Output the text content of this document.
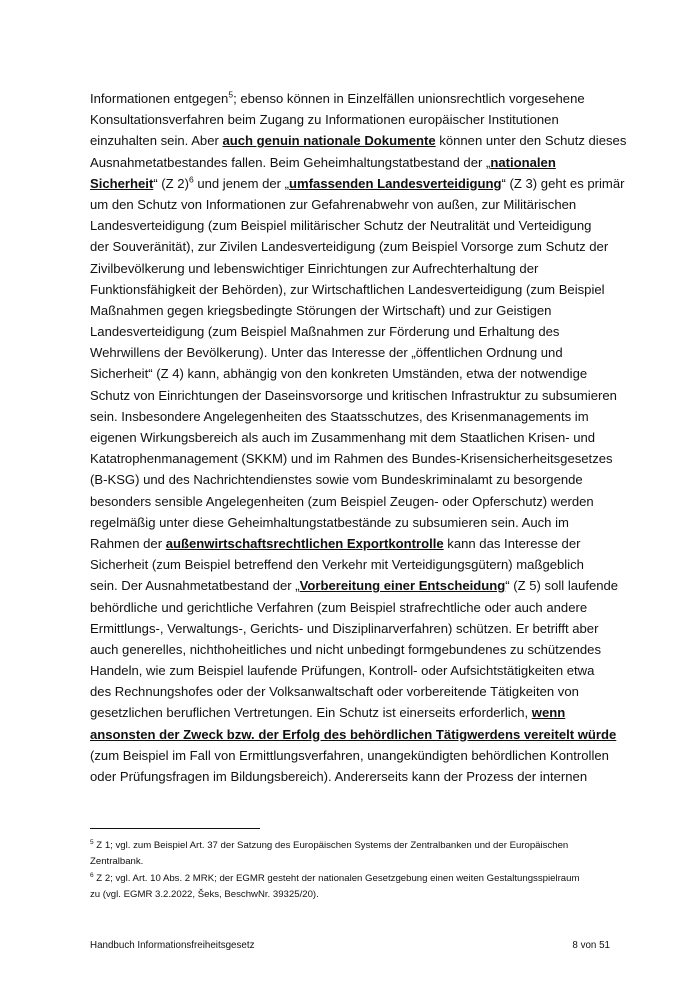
Informationen entgegen$^5$; ebenso können in Einzelfällen unionsrechtlich vorgesehene
Konsultationsverfahren beim Zugang zu Informationen europäischer Institutionen
einzuhalten sein. Aber auch genuin nationale Dokumente können unter den Schutz dieses
Ausnahmetatbestandes fallen. Beim Geheimhaltungstatbestand der „nationalen
Sicherheit“ (Z 2)$^6$ und jenem der „umfassenden Landesverteidigung“ (Z 3) geht es primär
um den Schutz von Informationen zur Gefahrenabwehr von außen, zur Militärischen
Landesverteidigung (zum Beispiel militärischer Schutz der Neutralität und Verteidigung
der Souveränität), zur Zivilen Landesverteidigung (zum Beispiel Vorsorge zum Schutz der
Zivilbevölkerung und lebenswichtiger Einrichtungen zur Aufrechterhaltung der
Funktionsfähigkeit der Behörden), zur Wirtschaftlichen Landesverteidigung (zum Beispiel
Maßnahmen gegen kriegsbedingte Störungen der Wirtschaft) und zur Geistigen
Landesverteidigung (zum Beispiel Maßnahmen zur Förderung und Erhaltung des
Wehrwillens der Bevölkerung). Unter das Interesse der „öffentlichen Ordnung und
Sicherheit“ (Z 4) kann, abhängig von den konkreten Umständen, etwa der notwendige
Schutz von Einrichtungen der Daseinsvorsorge und kritischen Infrastruktur zu subsumieren
sein. Insbesondere Angelegenheiten des Staatsschutzes, des Krisenmanagements im
eigenen Wirkungsbereich als auch im Zusammenhang mit dem Staatlichen Krisen- und
Katatrophenmanagement (SKKM) und im Rahmen des Bundes-Krisensicherheitsgesetzes
(B-KSG) und des Nachrichtendienstes sowie vom Bundeskriminalamt zu besorgende
besonders sensible Angelegenheiten (zum Beispiel Zeugen- oder Opferschutz) werden
regelmäßig unter diese Geheimhaltungstatbestände zu subsumieren sein. Auch im
Rahmen der außenwirtschaftsrechtlichen Exportkontrolle kann das Interesse der
Sicherheit (zum Beispiel betreffend den Verkehr mit Verteidigungsgütern) maßgeblich
sein. Der Ausnahmetatbestand der „Vorbereitung einer Entscheidung“ (Z 5) soll laufende
behördliche und gerichtliche Verfahren (zum Beispiel strafrechtliche oder auch andere
Ermittlungs-, Verwaltungs-, Gerichts- und Disziplinarverfahren) schützen. Er betrifft aber
auch generelles, nichthoheitliches und nicht unbedingt formgebundenes zu schützendes
Handeln, wie zum Beispiel laufende Prüfungen, Kontroll- oder Aufsichtstätigkeiten etwa
des Rechnungshofes oder der Volksanwaltschaft oder vorbereitende Tätigkeiten von
gesetzlichen beruflichen Vertretungen. Ein Schutz ist einerseits erforderlich, wenn
ansonsten der Zweck bzw. der Erfolg des behördlichen Tätigwerdens vereitelt würde
(zum Beispiel im Fall von Ermittlungsverfahren, unangekündigten behördlichen Kontrollen
oder Prüfungsfragen im Bildungsbereich). Andererseits kann der Prozess der internen
$^5$ Z 1; vgl. zum Beispiel Art. 37 der Satzung des Europäischen Systems der Zentralbanken und der Europäischen
Zentralbank.
$^6$ Z 2; vgl. Art. 10 Abs. 2 MRK; der EGMR gesteht der nationalen Gesetzgebung einen weiten Gestaltungsspielraum
zu (vgl. EGMR 3.2.2022, Šeks, BeschwNr. 39325/20).
Handbuch Informationsfreiheitsgesetz	8 von 51
